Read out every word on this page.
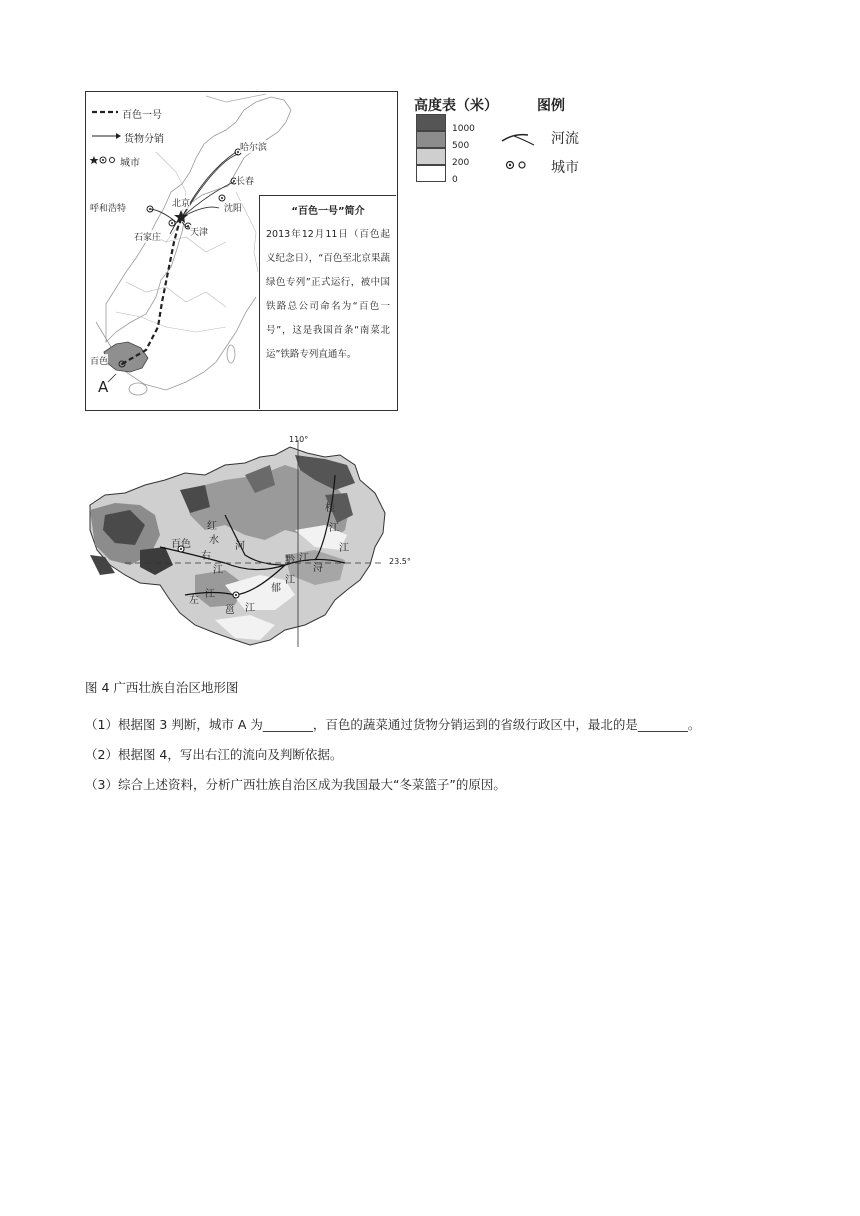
百色一号
货物分销
城市
哈尔滨
长春
沈阳
呼和浩特	北京
天津
石家庄
百色
A
“百色一号”简介
2013年12月11日（百色起义纪念日），“百色至北京果蔬绿色专列”正式运行，被中国铁路总公司命名为“百色一号”，这是我国首条“南菜北运”铁路专列直通车。
高度表（米）
1000
500
200
0
图例
河流
城市
110°
23.5°
百色
右
江
红
水
河
浔
江
左
江
邕 江
郁
江
桂
江
黔 江
图 4 广西壮族自治区地形图
（1）根据图 3 判断，城市 A 为________，百色的蔬菜通过货物分销运到的省级行政区中，最北的是________。
（2）根据图 4，写出右江的流向及判断依据。
（3）综合上述资料，分析广西壮族自治区成为我国最大“冬菜篮子”的原因。
